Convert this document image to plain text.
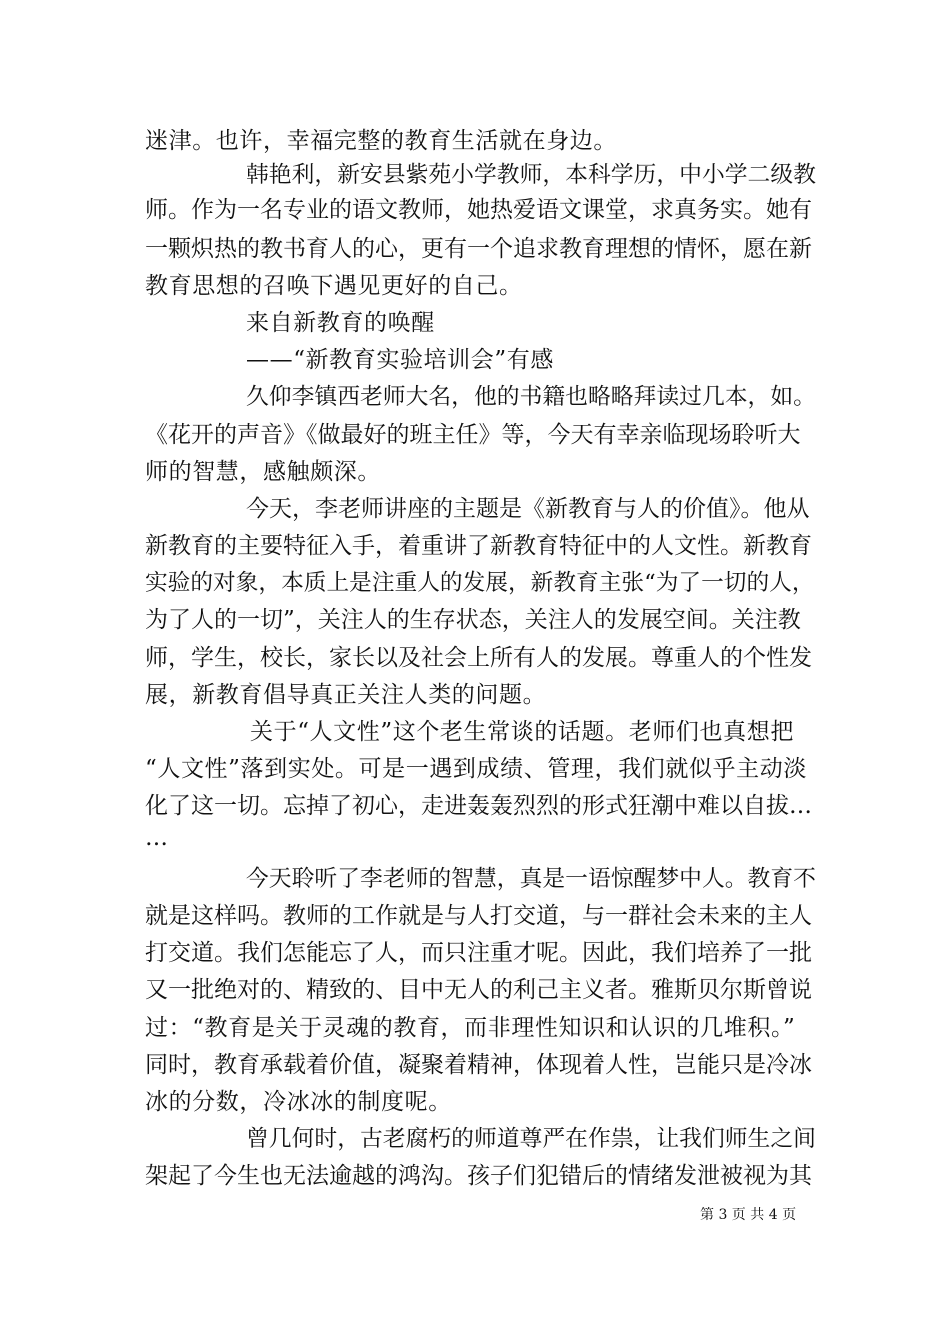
迷津。也许，幸福完整的教育生活就在身边。
韩艳利，新安县紫苑小学教师，本科学历，中小学二级教
师。作为一名专业的语文教师，她热爱语文课堂，求真务实。她有
一颗炽热的教书育人的心，更有一个追求教育理想的情怀，愿在新
教育思想的召唤下遇见更好的自己。
来自新教育的唤醒
——“新教育实验培训会”有感
久仰李镇西老师大名，他的书籍也略略拜读过几本，如。
《花开的声音》《做最好的班主任》等，今天有幸亲临现场聆听大
师的智慧，感触颇深。
今天，李老师讲座的主题是《新教育与人的价值》。他从
新教育的主要特征入手，着重讲了新教育特征中的人文性。新教育
实验的对象，本质上是注重人的发展，新教育主张“为了一切的人，
为了人的一切”，关注人的生存状态，关注人的发展空间。关注教
师，学生，校长，家长以及社会上所有人的发展。尊重人的个性发
展，新教育倡导真正关注人类的问题。
关于“人文性”这个老生常谈的话题。老师们也真想把
“人文性”落到实处。可是一遇到成绩、管理，我们就似乎主动淡
化了这一切。忘掉了初心，走进轰轰烈烈的形式狂潮中难以自拔…
…
今天聆听了李老师的智慧，真是一语惊醒梦中人。教育不
就是这样吗。教师的工作就是与人打交道，与一群社会未来的主人
打交道。我们怎能忘了人，而只注重才呢。因此，我们培养了一批
又一批绝对的、精致的、目中无人的利己主义者。雅斯贝尔斯曾说
过：“教育是关于灵魂的教育，而非理性知识和认识的几堆积。”
同时，教育承载着价值，凝聚着精神，体现着人性，岂能只是冷冰
冰的分数，冷冰冰的制度呢。
曾几何时，古老腐朽的师道尊严在作祟，让我们师生之间
架起了今生也无法逾越的鸿沟。孩子们犯错后的情绪发泄被视为其
第 3 页 共 4 页
